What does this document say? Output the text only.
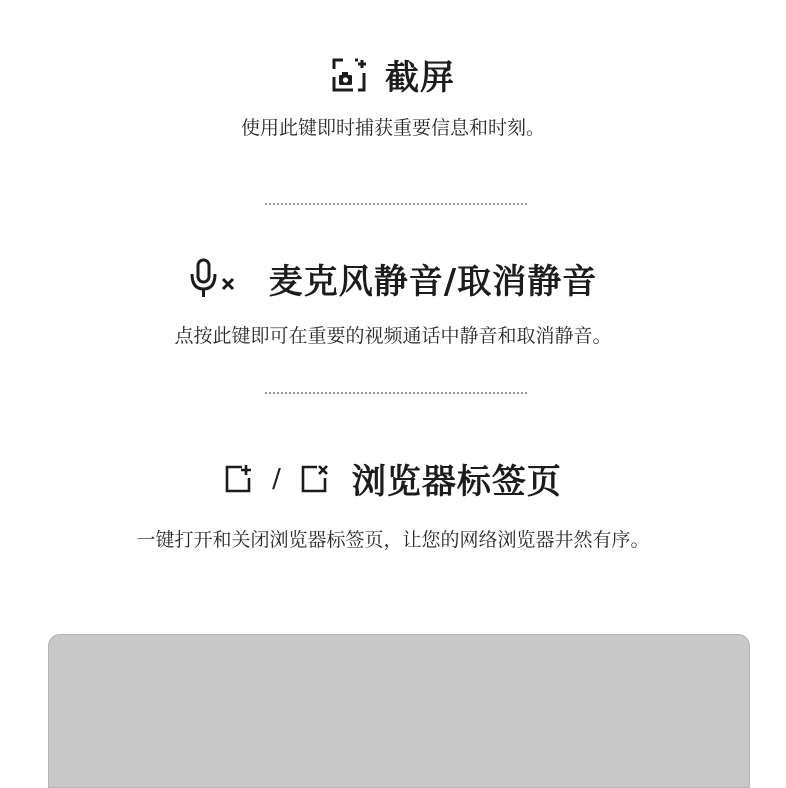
截屏
使用此键即时捕获重要信息和时刻。
麦克风静音/取消静音
点按此键即可在重要的视频通话中静音和取消静音。
/ 浏览器标签页
一键打开和关闭浏览器标签页，让您的网络浏览器井然有序。
